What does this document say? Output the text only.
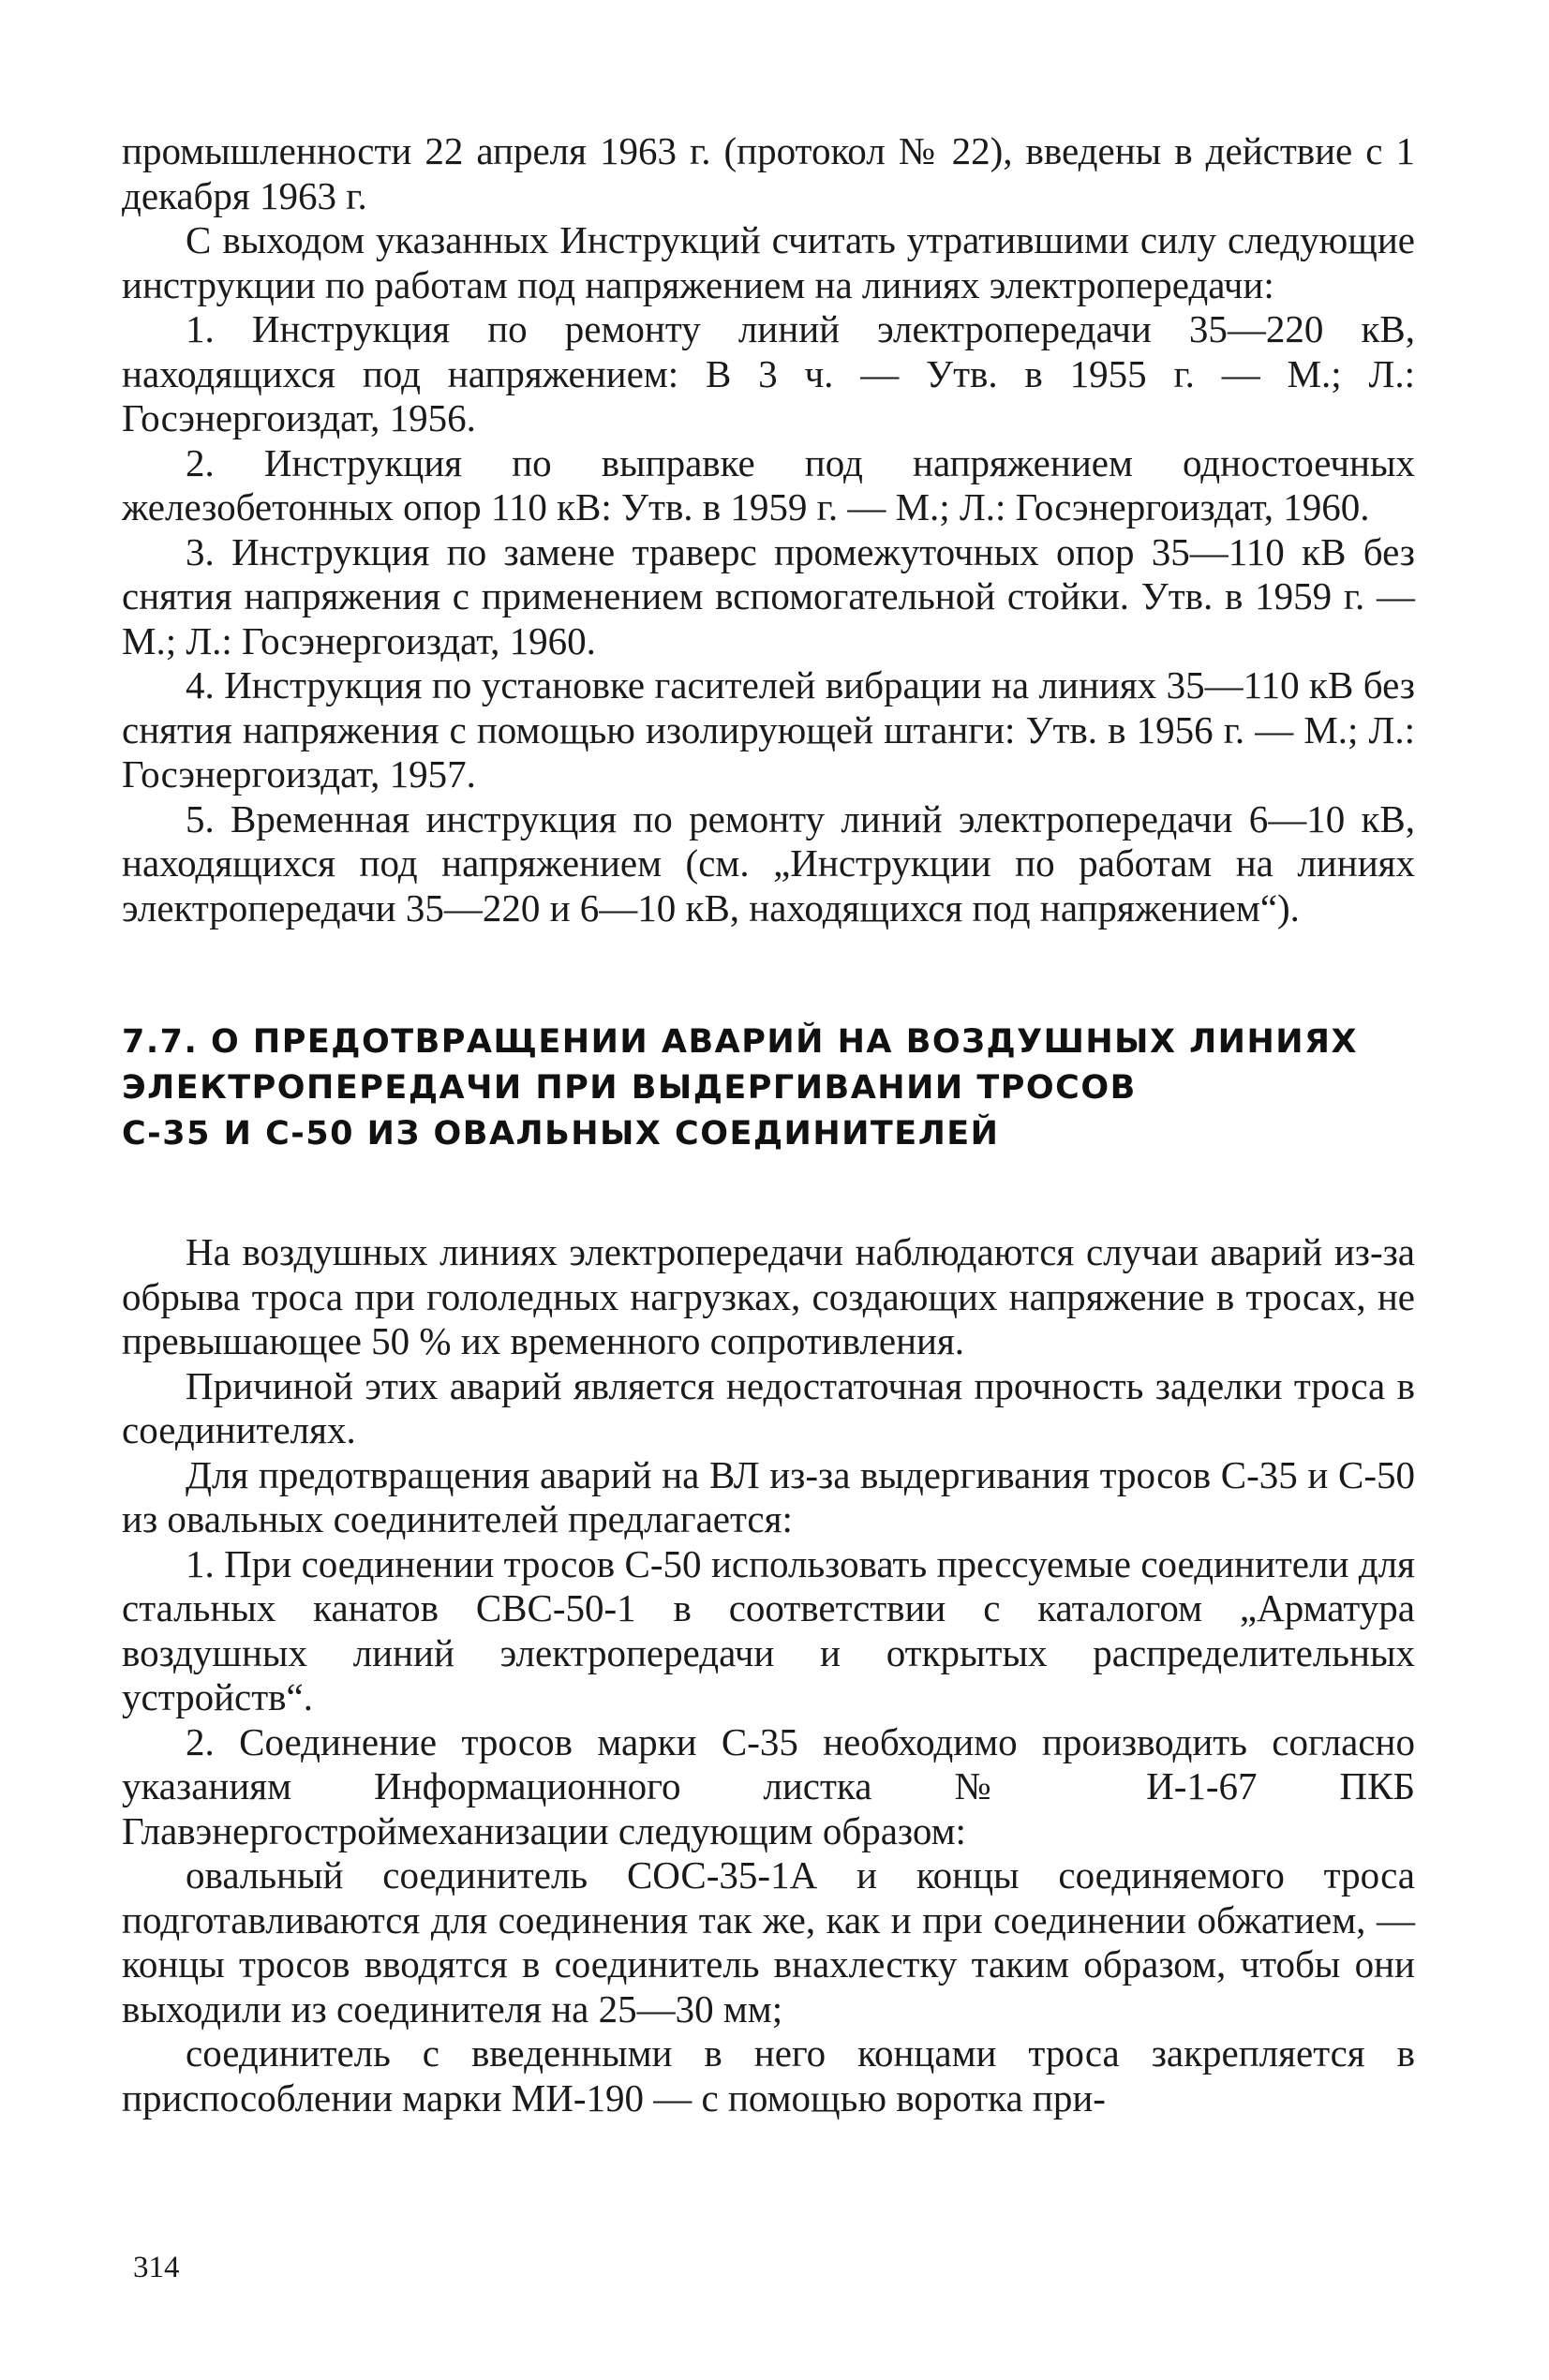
промышленности 22 апреля 1963 г. (протокол № 22), введены в действие с 1 декабря 1963 г.

С выходом указанных Инструкций считать утратившими силу следующие инструкции по работам под напряжением на линиях электропередачи:

1. Инструкция по ремонту линий электропередачи 35—220 кВ, находящихся под напряжением: В 3 ч. — Утв. в 1955 г. — М.; Л.: Госэнергоиздат, 1956.

2. Инструкция по выправке под напряжением одностоечных железобетонных опор 110 кВ: Утв. в 1959 г. — М.; Л.: Госэнергоиздат, 1960.

3. Инструкция по замене траверс промежуточных опор 35—110 кВ без снятия напряжения с применением вспомогательной стойки. Утв. в 1959 г. — М.; Л.: Госэнергоиздат, 1960.

4. Инструкция по установке гасителей вибрации на линиях 35—110 кВ без снятия напряжения с помощью изолирующей штанги: Утв. в 1956 г. — М.; Л.: Госэнергоиздат, 1957.

5. Временная инструкция по ремонту линий электропередачи 6—10 кВ, находящихся под напряжением (см. „Инструкции по работам на линиях электропередачи 35—220 и 6—10 кВ, находящихся под напряжением“).

7.7. О ПРЕДОТВРАЩЕНИИ АВАРИЙ НА ВОЗДУШНЫХ ЛИНИЯХ
ЭЛЕКТРОПЕРЕДАЧИ ПРИ ВЫДЕРГИВАНИИ ТРОСОВ
С-35 И С-50 ИЗ ОВАЛЬНЫХ СОЕДИНИТЕЛЕЙ

На воздушных линиях электропередачи наблюдаются случаи аварий из-за обрыва троса при гололедных нагрузках, создающих напряжение в тросах, не превышающее 50 % их временного сопротивления.

Причиной этих аварий является недостаточная прочность заделки троса в соединителях.

Для предотвращения аварий на ВЛ из-за выдергивания тросов С-35 и С-50 из овальных соединителей предлагается:

1. При соединении тросов С-50 использовать прессуемые соединители для стальных канатов СВС-50-1 в соответствии с каталогом „Арматура воздушных линий электропередачи и открытых распределительных устройств“.

2. Соединение тросов марки С-35 необходимо производить согласно указаниям Информационного листка № И-1-67 ПКБ Главэнергостроймеханизации следующим образом:

овальный соединитель СОС-35-1А и концы соединяемого троса подготавливаются для соединения так же, как и при соединении обжатием, — концы тросов вводятся в соединитель внахлестку таким образом, чтобы они выходили из соединителя на 25—30 мм;

соединитель с введенными в него концами троса закрепляется в приспособлении марки МИ-190 — с помощью воротка при-

314
